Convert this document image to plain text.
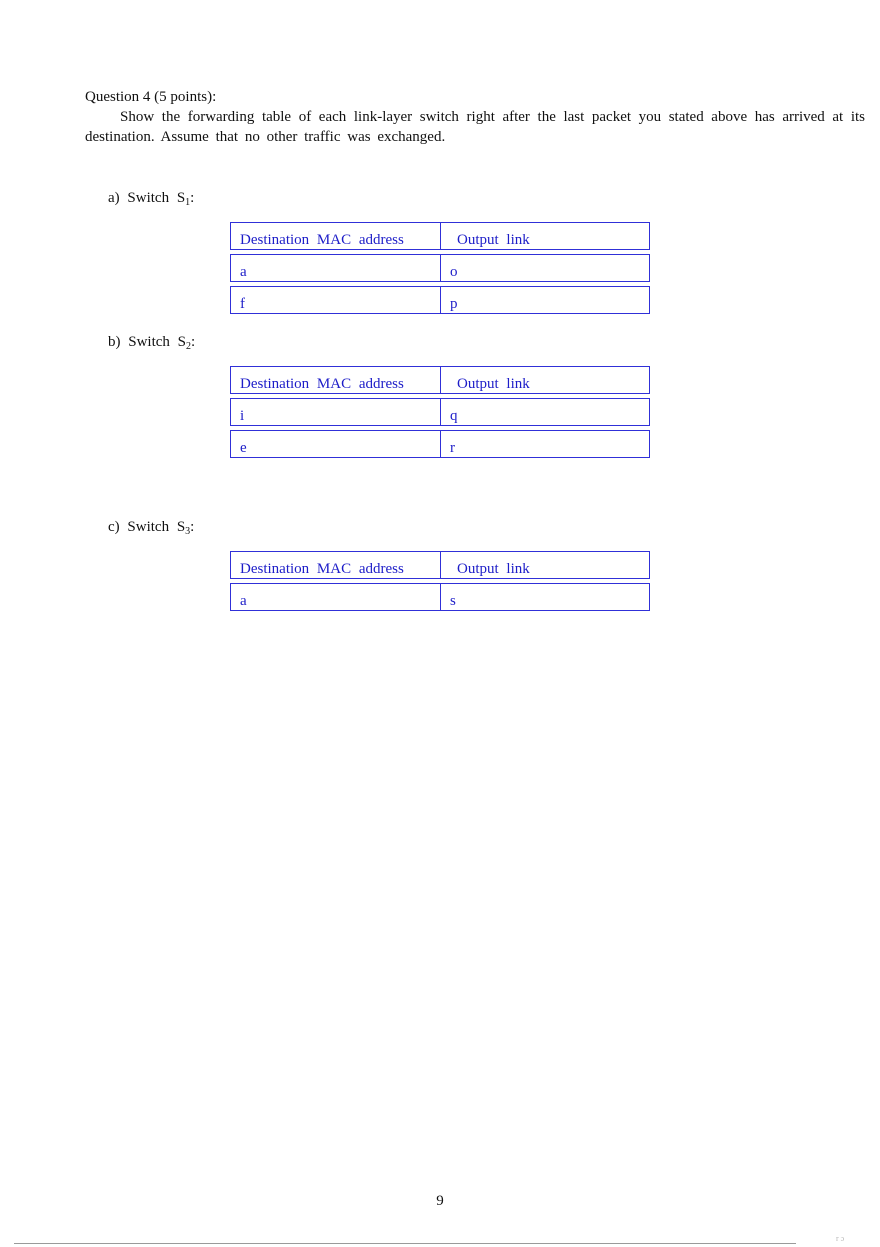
Question 4 (5 points):
Show the forwarding table of each link-layer switch right after the last packet you stated above has arrived at its destination. Assume that no other traffic was exchanged.
a) Switch $S_1$:
Destination MAC address	Output link
a	o
f	p
b) Switch $S_2$:
Destination MAC address	Output link
i	q
e	r
c) Switch $S_3$:
Destination MAC address	Output link
a	s
9
r ɔ
